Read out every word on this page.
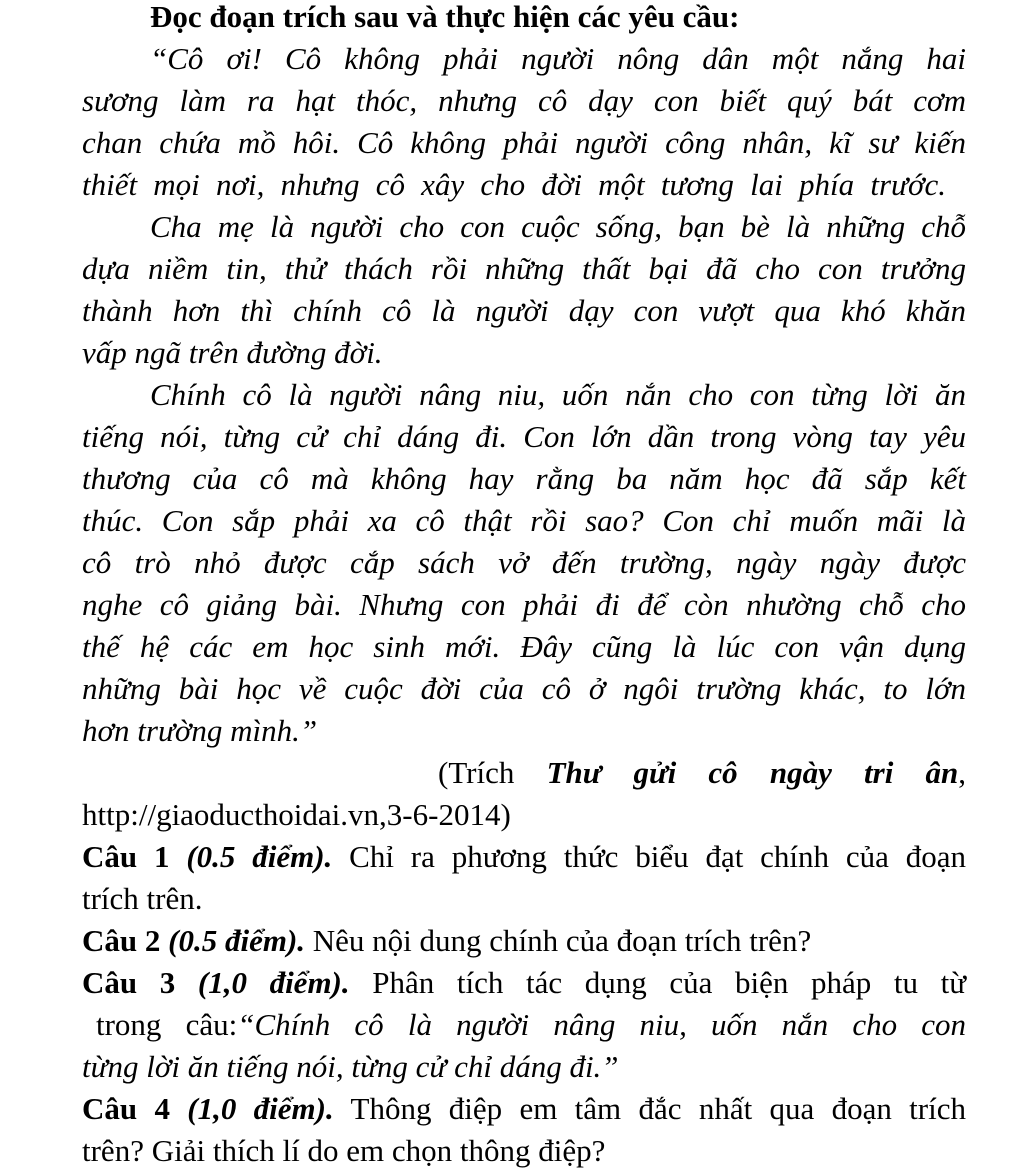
Đọc đoạn trích sau và thực hiện các yêu cầu:

“Cô ơi! Cô không phải người nông dân một nắng hai

sương làm ra hạt thóc, nhưng cô dạy con biết quý bát cơm

chan chứa mồ hôi. Cô không phải người công nhân, kĩ sư kiến

thiết mọi nơi, nhưng cô xây cho đời một tương lai phía trước.

Cha mẹ là người cho con cuộc sống, bạn bè là những chỗ

dựa niềm tin, thử thách rồi những thất bại đã cho con trưởng

thành hơn thì chính cô là người dạy con vượt qua khó khăn

vấp ngã trên đường đời.

Chính cô là người nâng niu, uốn nắn cho con từng lời ăn

tiếng nói, từng cử chỉ dáng đi. Con lớn dần trong vòng tay yêu

thương của cô mà không hay rằng ba năm học đã sắp kết

thúc. Con sắp phải xa cô thật rồi sao? Con chỉ muốn mãi là

cô trò nhỏ được cắp sách vở đến trường, ngày ngày được

nghe cô giảng bài. Nhưng con phải đi để còn nhường chỗ cho

thế hệ các em học sinh mới. Đây cũng là lúc con vận dụng

những bài học về cuộc đời của cô ở ngôi trường khác, to lớn

hơn trường mình.”

(Trích Thư gửi cô ngày tri ân,

http://giaoducthoidai.vn,3-6-2014)

Câu 1 (0.5 điểm). Chỉ ra phương thức biểu đạt chính của đoạn

trích trên.

Câu 2 (0.5 điểm). Nêu nội dung chính của đoạn trích trên?

Câu 3 (1,0 điểm). Phân tích tác dụng của biện pháp tu từ

trong câu:“Chính cô là người nâng niu, uốn nắn cho con

từng lời ăn tiếng nói, từng cử chỉ dáng đi.”

Câu 4 (1,0 điểm). Thông điệp em tâm đắc nhất qua đoạn trích

trên? Giải thích lí do em chọn thông điệp?
